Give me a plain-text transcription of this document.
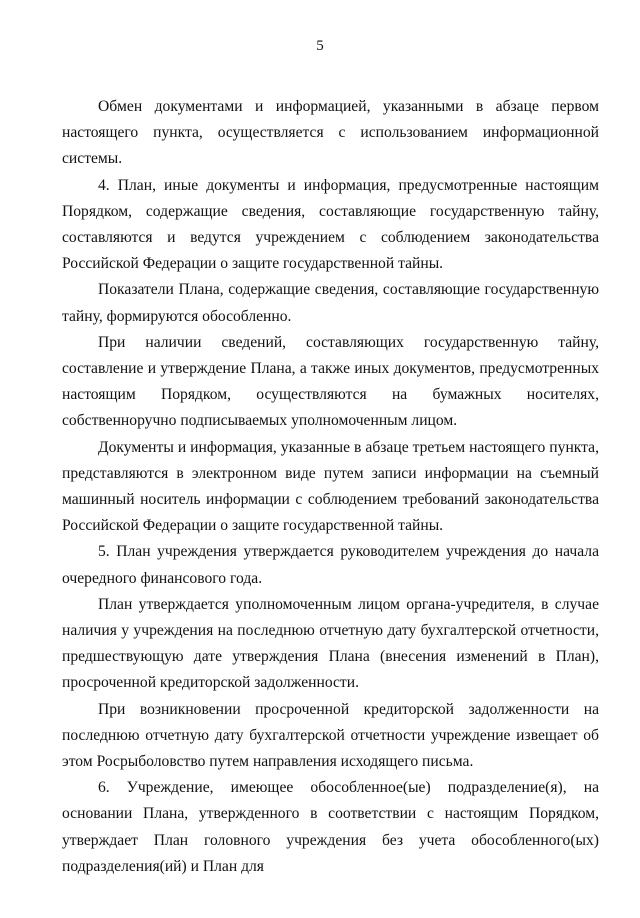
5

Обмен документами и информацией, указанными в абзаце первом настоящего пункта, осуществляется с использованием информационной системы.

4. План, иные документы и информация, предусмотренные настоящим Порядком, содержащие сведения, составляющие государственную тайну, составляются и ведутся учреждением с соблюдением законодательства Российской Федерации о защите государственной тайны.

Показатели Плана, содержащие сведения, составляющие государственную тайну, формируются обособленно.

При наличии сведений, составляющих государственную тайну, составление и утверждение Плана, а также иных документов, предусмотренных настоящим Порядком, осуществляются на бумажных носителях, собственноручно подписываемых уполномоченным лицом.

Документы и информация, указанные в абзаце третьем настоящего пункта, представляются в электронном виде путем записи информации на съемный машинный носитель информации с соблюдением требований законодательства Российской Федерации о защите государственной тайны.

5. План учреждения утверждается руководителем учреждения до начала очередного финансового года.

План утверждается уполномоченным лицом органа-учредителя, в случае наличия у учреждения на последнюю отчетную дату бухгалтерской отчетности, предшествующую дате утверждения Плана (внесения изменений в План), просроченной кредиторской задолженности.

При возникновении просроченной кредиторской задолженности на последнюю отчетную дату бухгалтерской отчетности учреждение извещает об этом Росрыболовство путем направления исходящего письма.

6. Учреждение, имеющее обособленное(ые) подразделение(я), на основании Плана, утвержденного в соответствии с настоящим Порядком, утверждает План головного учреждения без учета обособленного(ых) подразделения(ий) и План для
